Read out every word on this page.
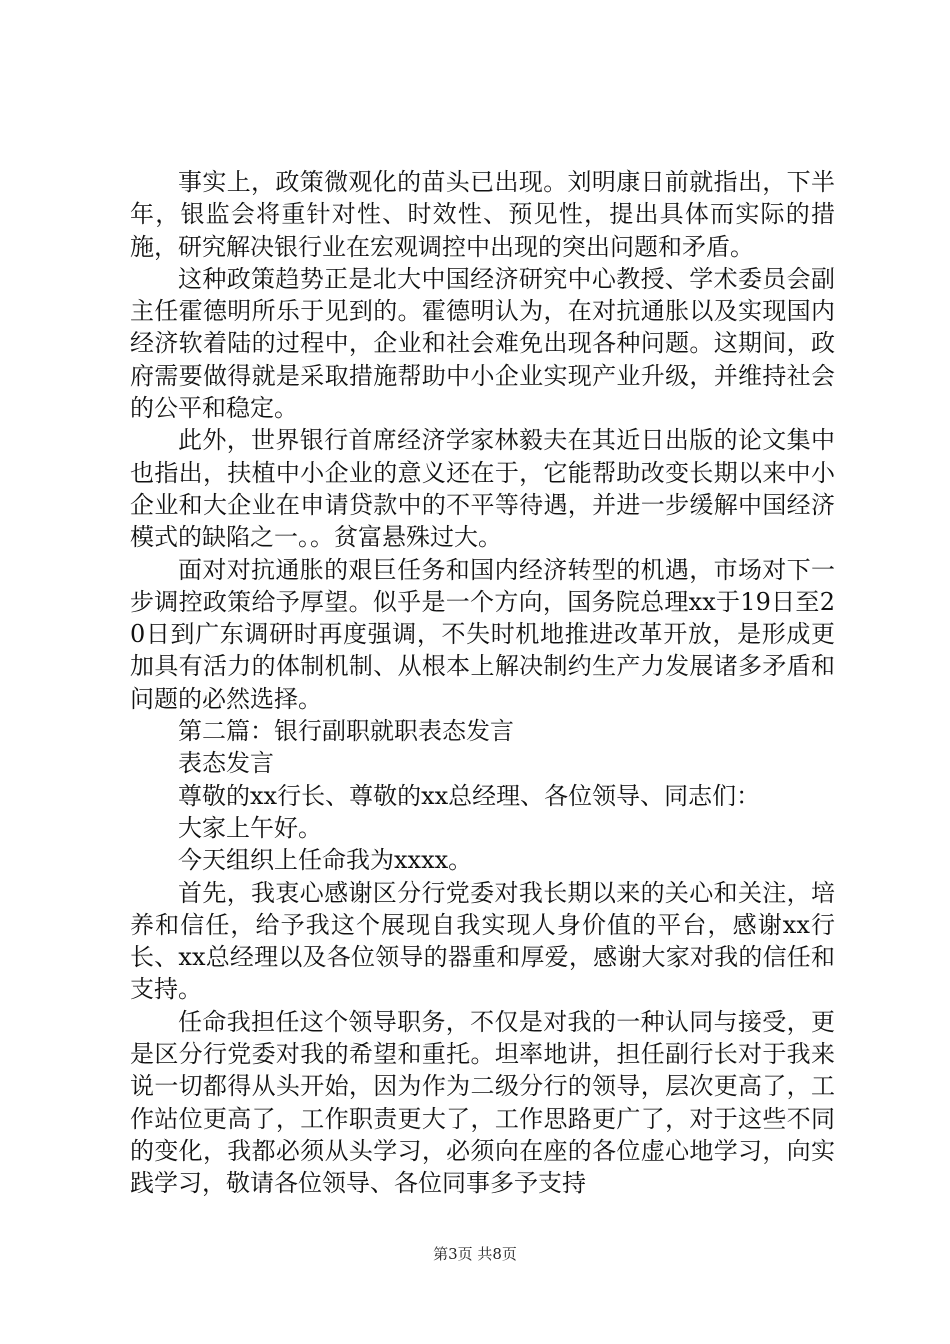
事实上，政策微观化的苗头已出现。刘明康日前就指出，下半年，银监会将重针对性、时效性、预见性，提出具体而实际的措施，研究解决银行业在宏观调控中出现的突出问题和矛盾。

这种政策趋势正是北大中国经济研究中心教授、学术委员会副主任霍德明所乐于见到的。霍德明认为，在对抗通胀以及实现国内经济软着陆的过程中，企业和社会难免出现各种问题。这期间，政府需要做得就是采取措施帮助中小企业实现产业升级，并维持社会的公平和稳定。

此外，世界银行首席经济学家林毅夫在其近日出版的论文集中也指出，扶植中小企业的意义还在于，它能帮助改变长期以来中小企业和大企业在申请贷款中的不平等待遇，并进一步缓解中国经济模式的缺陷之一。。贫富悬殊过大。

面对对抗通胀的艰巨任务和国内经济转型的机遇，市场对下一步调控政策给予厚望。似乎是一个方向，国务院总理xx于19日至20日到广东调研时再度强调，不失时机地推进改革开放，是形成更加具有活力的体制机制、从根本上解决制约生产力发展诸多矛盾和问题的必然选择。

第二篇：银行副职就职表态发言

表态发言

尊敬的xx行长、尊敬的xx总经理、各位领导、同志们：

大家上午好。

今天组织上任命我为xxxx。

首先，我衷心感谢区分行党委对我长期以来的关心和关注，培养和信任，给予我这个展现自我实现人身价值的平台，感谢xx行长、xx总经理以及各位领导的器重和厚爱，感谢大家对我的信任和支持。

任命我担任这个领导职务，不仅是对我的一种认同与接受，更是区分行党委对我的希望和重托。坦率地讲，担任副行长对于我来说一切都得从头开始，因为作为二级分行的领导，层次更高了，工作站位更高了，工作职责更大了，工作思路更广了，对于这些不同的变化，我都必须从头学习，必须向在座的各位虚心地学习，向实践学习，敬请各位领导、各位同事多予支持

第3页 共8页
